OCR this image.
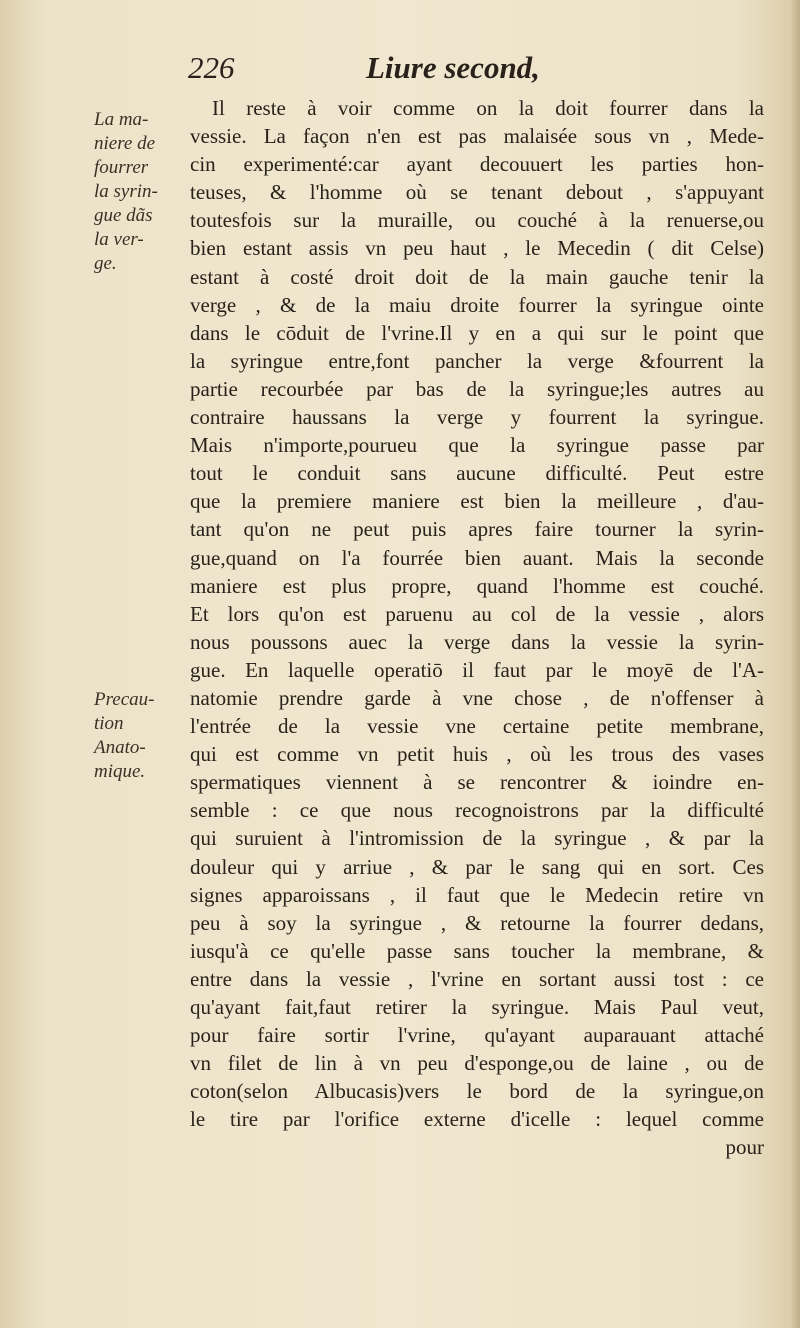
226	Liure second,
La ma-
niere de
fourrer
la syrin-
gue dãs
la ver-
ge.
Precau-
tion
Anato-
mique.
Il reste à voir comme on la doit fourrer dans la
vessie. La façon n'en est pas malaisée sous vn , Mede-
cin experimenté:car ayant decouuert les parties hon-
teuses, & l'homme où se tenant debout , s'appuyant
toutesfois sur la muraille, ou couché à la renuerse,ou
bien estant assis vn peu haut , le Mecedin ( dit Celse)
estant à costé droit doit de la main gauche tenir la
verge , & de la maiu droite fourrer la syringue ointe
dans le cōduit de l'vrine.Il y en a qui sur le point que
la syringue entre,font pancher la verge &fourrent la
partie recourbée par bas de la syringue;les autres au
contraire haussans la verge y fourrent la syringue.
Mais n'importe,pourueu que la syringue passe par
tout le conduit sans aucune difficulté. Peut estre
que la premiere maniere est bien la meilleure , d'au-
tant qu'on ne peut puis apres faire tourner la syrin-
gue,quand on l'a fourrée bien auant. Mais la seconde
maniere est plus propre, quand l'homme est couché.
Et lors qu'on est paruenu au col de la vessie , alors
nous poussons auec la verge dans la vessie la syrin-
gue. En laquelle operatiō il faut par le moyē de l'A-
natomie prendre garde à vne chose , de n'offenser à
l'entrée de la vessie vne certaine petite membrane,
qui est comme vn petit huis , où les trous des vases
spermatiques viennent à se rencontrer & ioindre en-
semble : ce que nous recognoistrons par la difficulté
qui suruient à l'intromission de la syringue , & par la
douleur qui y arriue , & par le sang qui en sort. Ces
signes apparoissans , il faut que le Medecin retire vn
peu à soy la syringue , & retourne la fourrer dedans,
iusqu'à ce qu'elle passe sans toucher la membrane, &
entre dans la vessie , l'vrine en sortant aussi tost : ce
qu'ayant fait,faut retirer la syringue. Mais Paul veut,
pour faire sortir l'vrine, qu'ayant auparauant attaché
vn filet de lin à vn peu d'esponge,ou de laine , ou de
coton(selon Albucasis)vers le bord de la syringue,on
le tire par l'orifice externe d'icelle : lequel comme
pour
